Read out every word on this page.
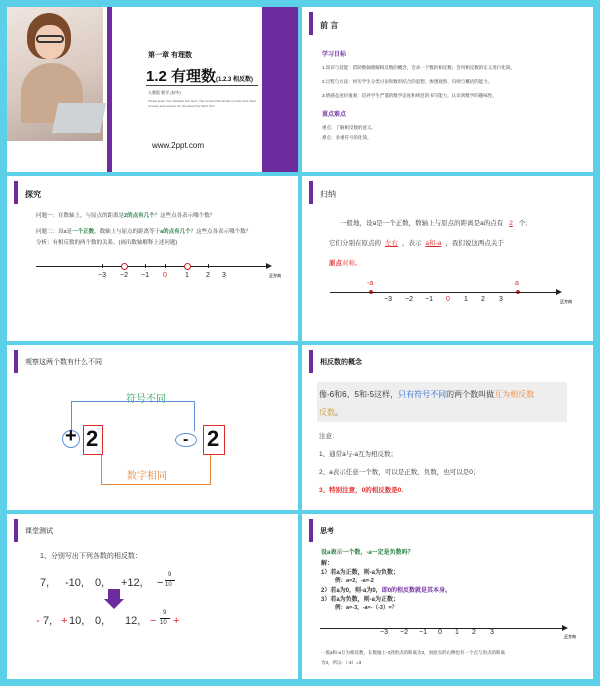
第一章 有理数
1.2 有理数(1.2.3 相反数)
人教版 数学 (初中)
Please Enter Your Detailed Text Here, The Content Should Be Concise And Clear
Concise and Concise Do Not Need Too Much Text
www.2ppt.com
前 言
学习目标
1.知识与技能：借助数轴理解相反数的概念，会求一个数的相反数；会用相反数的定义进行化简。
2.过程与方法：经历学生分类讨论和数形结合的思想，渗透观察、归纳与概括的能力。
3.情感态度价值观：培养学生严谨的数学态度和规范的书写能力，认识到数学的趣味性。
重点难点
重点：了解相反数的意义。
难点：多重符号的化简。
探究
问题一：在数轴上，与原点的距离是2的点有几个？这些点各表示哪个数？
问题二：设a是一个正数，数轴上与原点的距离等于a的点有几个？这些点各表示哪个数？
分析：有相反数的两个数的关系。(画出数轴解释上述问题)
−3 −2 −1 0	1 2 3	正方向
归纳
一般地，设a是一个正数，数轴上与原点的距离是a的点有 2 个;
它们分别在原点的 左右 ，表示 a和-a ，我们说这两点关于
原点对称。
-a	a
−3 −2 −1 0 1 2 3	正方向
观察这两个数有什么不同
符号不同
+ 2	- 2
数字相同
相反数的概念
像-6和6、5和-5这样，只有符号不同的两个数叫做互为相反数
反数。
注意：
1、通常a与-a互为相反数；
2、a表示任意一个数，可以是正数、负数，也可以是0；
3、特别注意，0的相反数是0.
课堂测试
1、分别写出下列各数的相反数：
7, -10, 0, +12, −
9
10
- 7, + 10, 0, 12, −
9
10 +
思考
设a表示一个数，-a一定是负数吗？
解：
1）若a为正数，则-a为负数；
例：a=2，-a=-2
2）若a为0，则-a为0，即0的相反数就是其本身。
3）若a为负数，则-a为正数；
例：a=-3，-a=-（-3）=？
−3 −2 −1 0 1 2 3
正方向
一般a和-a互为相反数，在数轴上-3到原点的距离为3，而原点的右侧也有一个点与原点的距离
为3，所以-（-3）=3
